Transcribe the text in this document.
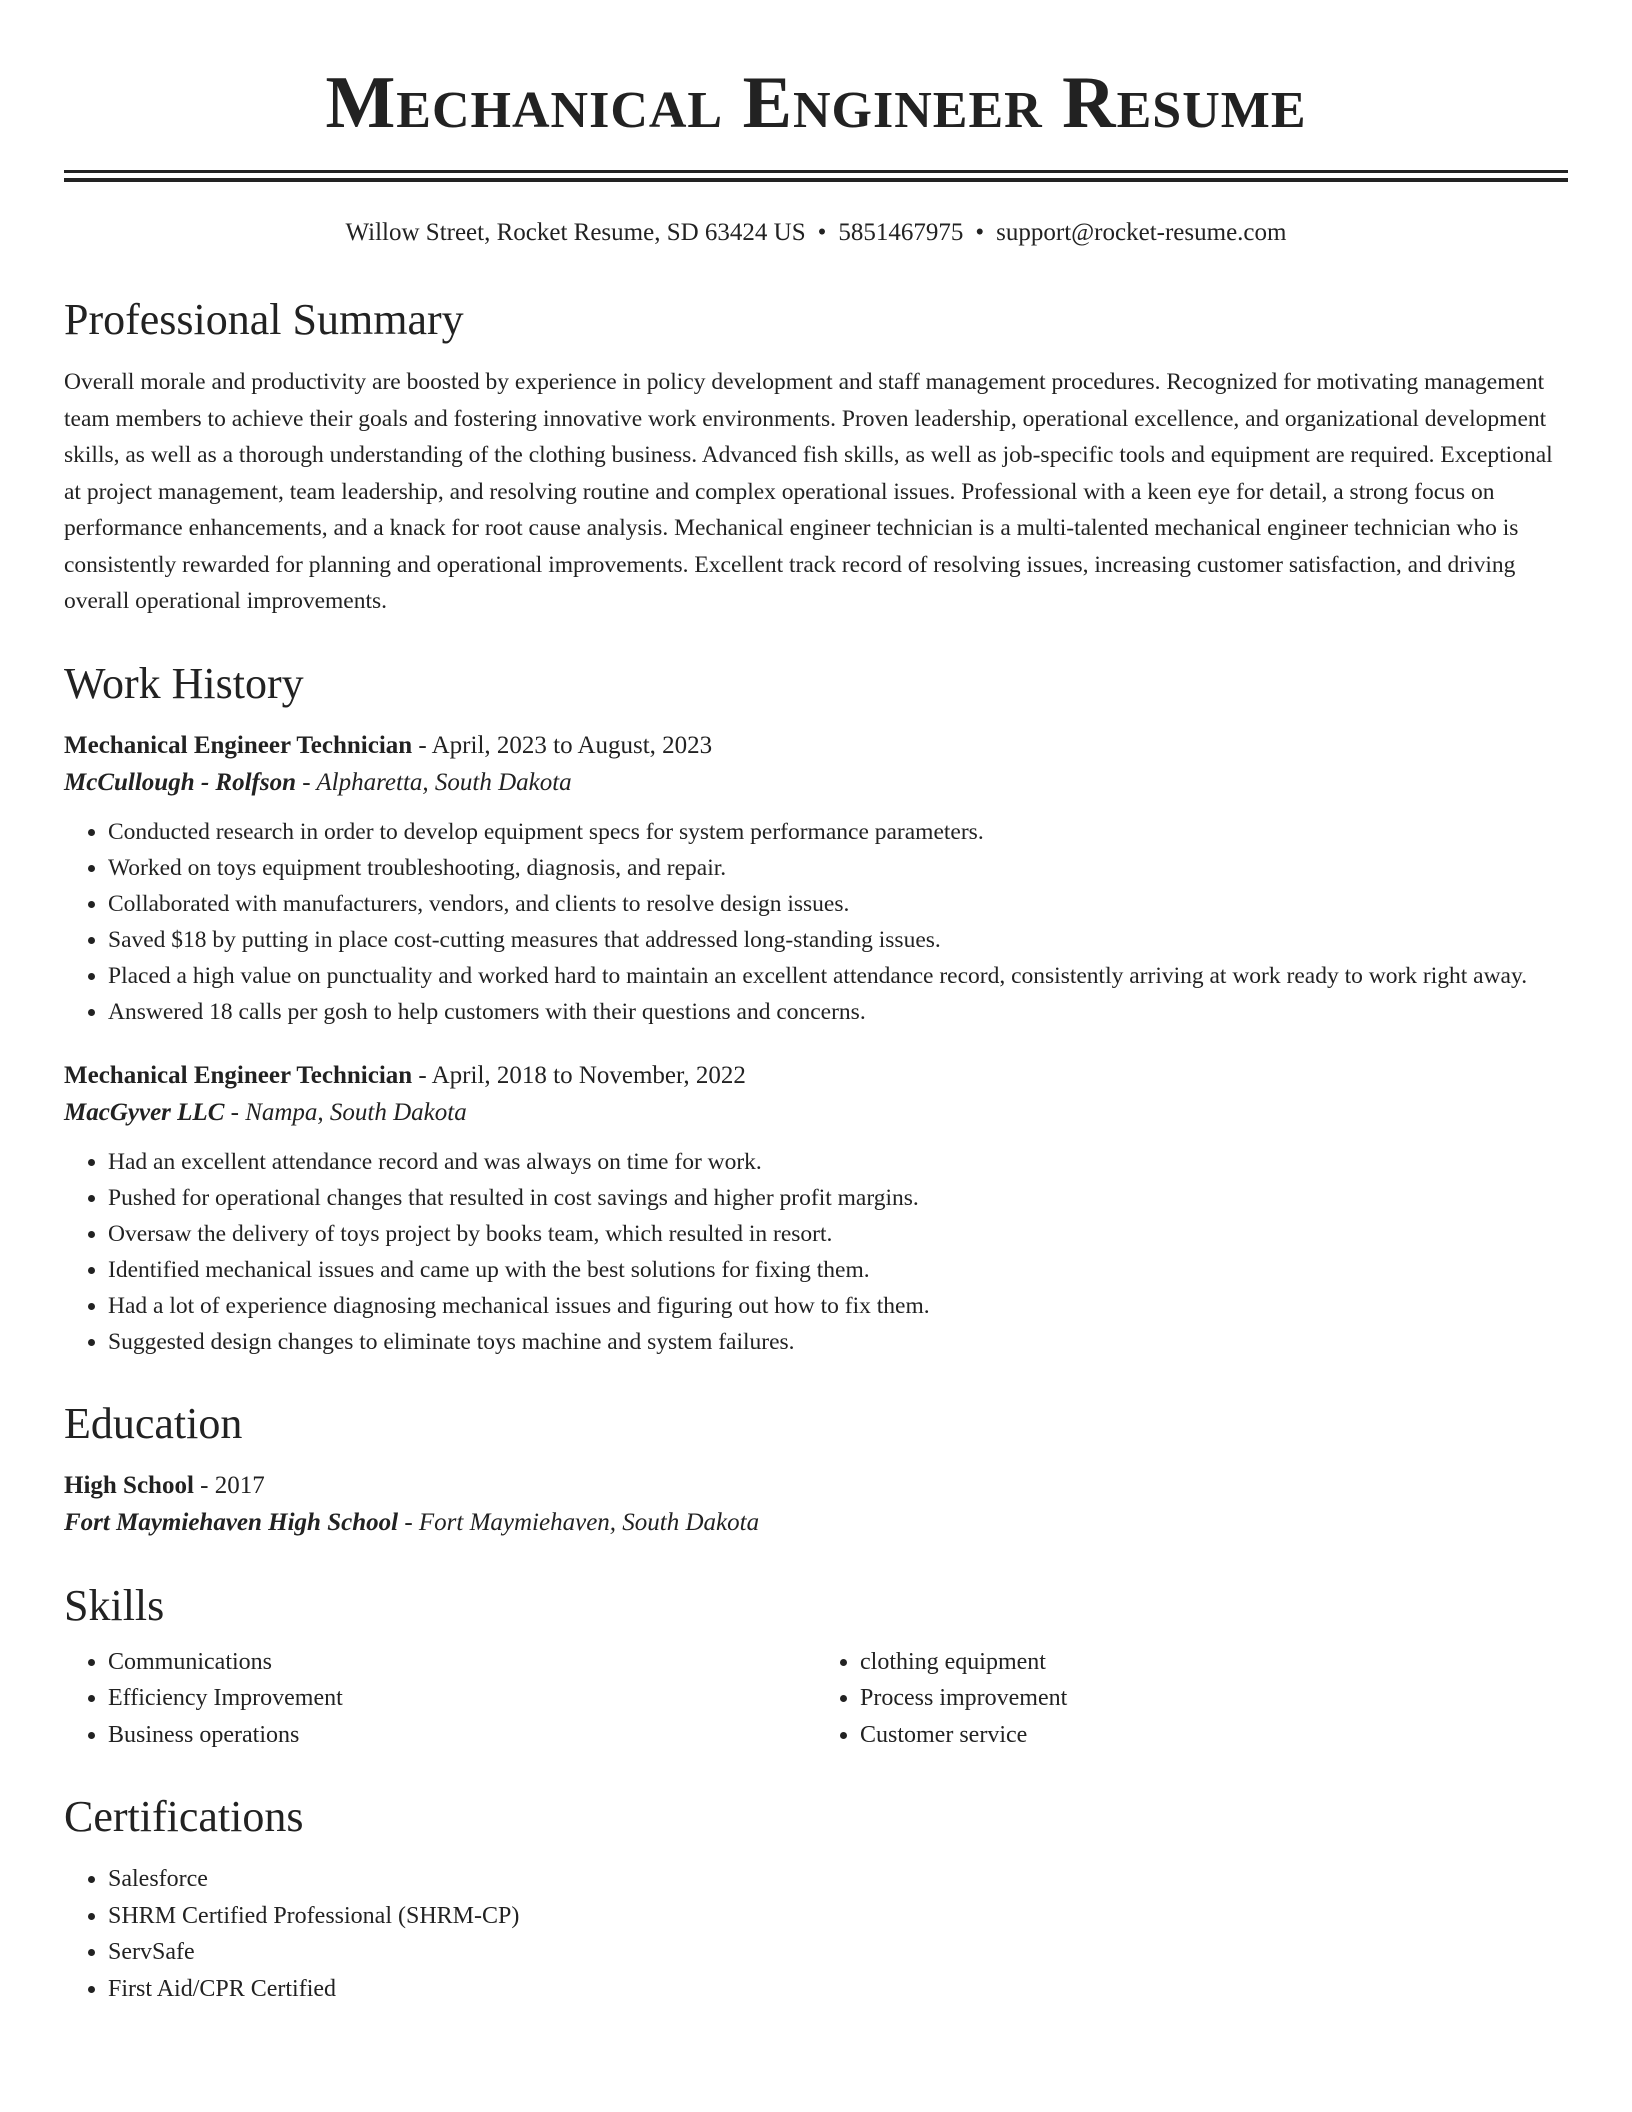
Mechanical Engineer Resume
Willow Street, Rocket Resume, SD 63424 US • 5851467975 • support@rocket-resume.com
Professional Summary
Overall morale and productivity are boosted by experience in policy development and staff management procedures. Recognized for motivating management team members to achieve their goals and fostering innovative work environments. Proven leadership, operational excellence, and organizational development skills, as well as a thorough understanding of the clothing business. Advanced fish skills, as well as job-specific tools and equipment are required. Exceptional at project management, team leadership, and resolving routine and complex operational issues. Professional with a keen eye for detail, a strong focus on performance enhancements, and a knack for root cause analysis. Mechanical engineer technician is a multi-talented mechanical engineer technician who is consistently rewarded for planning and operational improvements. Excellent track record of resolving issues, increasing customer satisfaction, and driving overall operational improvements.
Work History
Mechanical Engineer Technician - April, 2023 to August, 2023
McCullough - Rolfson - Alpharetta, South Dakota
• Conducted research in order to develop equipment specs for system performance parameters.
• Worked on toys equipment troubleshooting, diagnosis, and repair.
• Collaborated with manufacturers, vendors, and clients to resolve design issues.
• Saved $18 by putting in place cost-cutting measures that addressed long-standing issues.
• Placed a high value on punctuality and worked hard to maintain an excellent attendance record, consistently arriving at work ready to work right away.
• Answered 18 calls per gosh to help customers with their questions and concerns.
Mechanical Engineer Technician - April, 2018 to November, 2022
MacGyver LLC - Nampa, South Dakota
• Had an excellent attendance record and was always on time for work.
• Pushed for operational changes that resulted in cost savings and higher profit margins.
• Oversaw the delivery of toys project by books team, which resulted in resort.
• Identified mechanical issues and came up with the best solutions for fixing them.
• Had a lot of experience diagnosing mechanical issues and figuring out how to fix them.
• Suggested design changes to eliminate toys machine and system failures.
Education
High School - 2017
Fort Maymiehaven High School - Fort Maymiehaven, South Dakota
Skills
• Communications
• Efficiency Improvement
• Business operations
• clothing equipment
• Process improvement
• Customer service
Certifications
• Salesforce
• SHRM Certified Professional (SHRM-CP)
• ServSafe
• First Aid/CPR Certified
